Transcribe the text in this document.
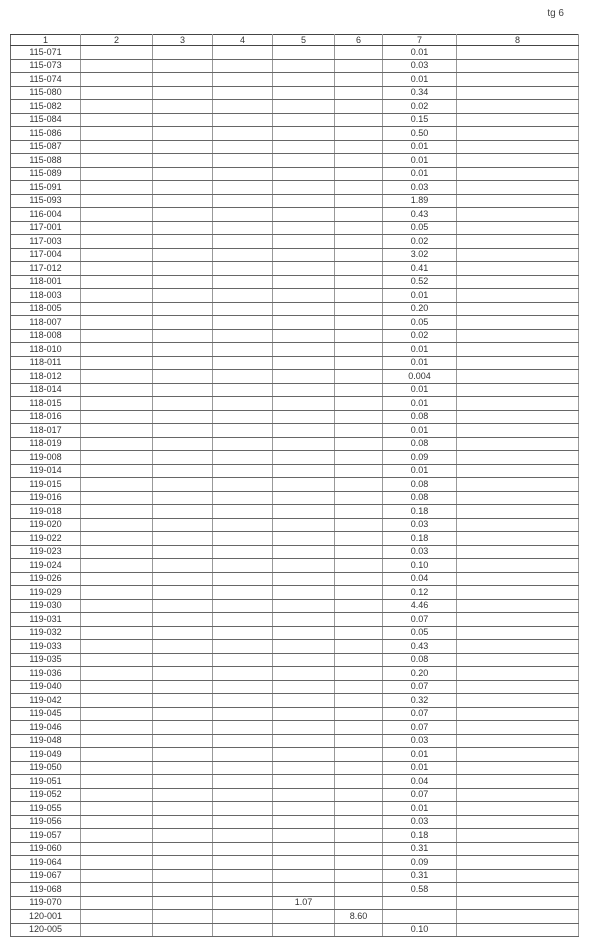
tg 6
1	2	3	4	5	6	7	8
115-071						0.01	
115-073						0.03	
115-074						0.01	
115-080						0.34	
115-082						0.02	
115-084						0.15	
115-086						0.50	
115-087						0.01	
115-088						0.01	
115-089						0.01	
115-091						0.03	
115-093						1.89	
116-004						0.43	
117-001						0.05	
117-003						0.02	
117-004						3.02	
117-012						0.41	
118-001						0.52	
118-003						0.01	
118-005						0.20	
118-007						0.05	
118-008						0.02	
118-010						0.01	
118-011						0.01	
118-012						0.004	
118-014						0.01	
118-015						0.01	
118-016						0.08	
118-017						0.01	
118-019						0.08	
119-008						0.09	
119-014						0.01	
119-015						0.08	
119-016						0.08	
119-018						0.18	
119-020						0.03	
119-022						0.18	
119-023						0.03	
119-024						0.10	
119-026						0.04	
119-029						0.12	
119-030						4.46	
119-031						0.07	
119-032						0.05	
119-033						0.43	
119-035						0.08	
119-036						0.20	
119-040						0.07	
119-042						0.32	
119-045						0.07	
119-046						0.07	
119-048						0.03	
119-049						0.01	
119-050						0.01	
119-051						0.04	
119-052						0.07	
119-055						0.01	
119-056						0.03	
119-057						0.18	
119-060						0.31	
119-064						0.09	
119-067						0.31	
119-068						0.58	
119-070				1.07			
120-001					8.60		
120-005						0.10	
